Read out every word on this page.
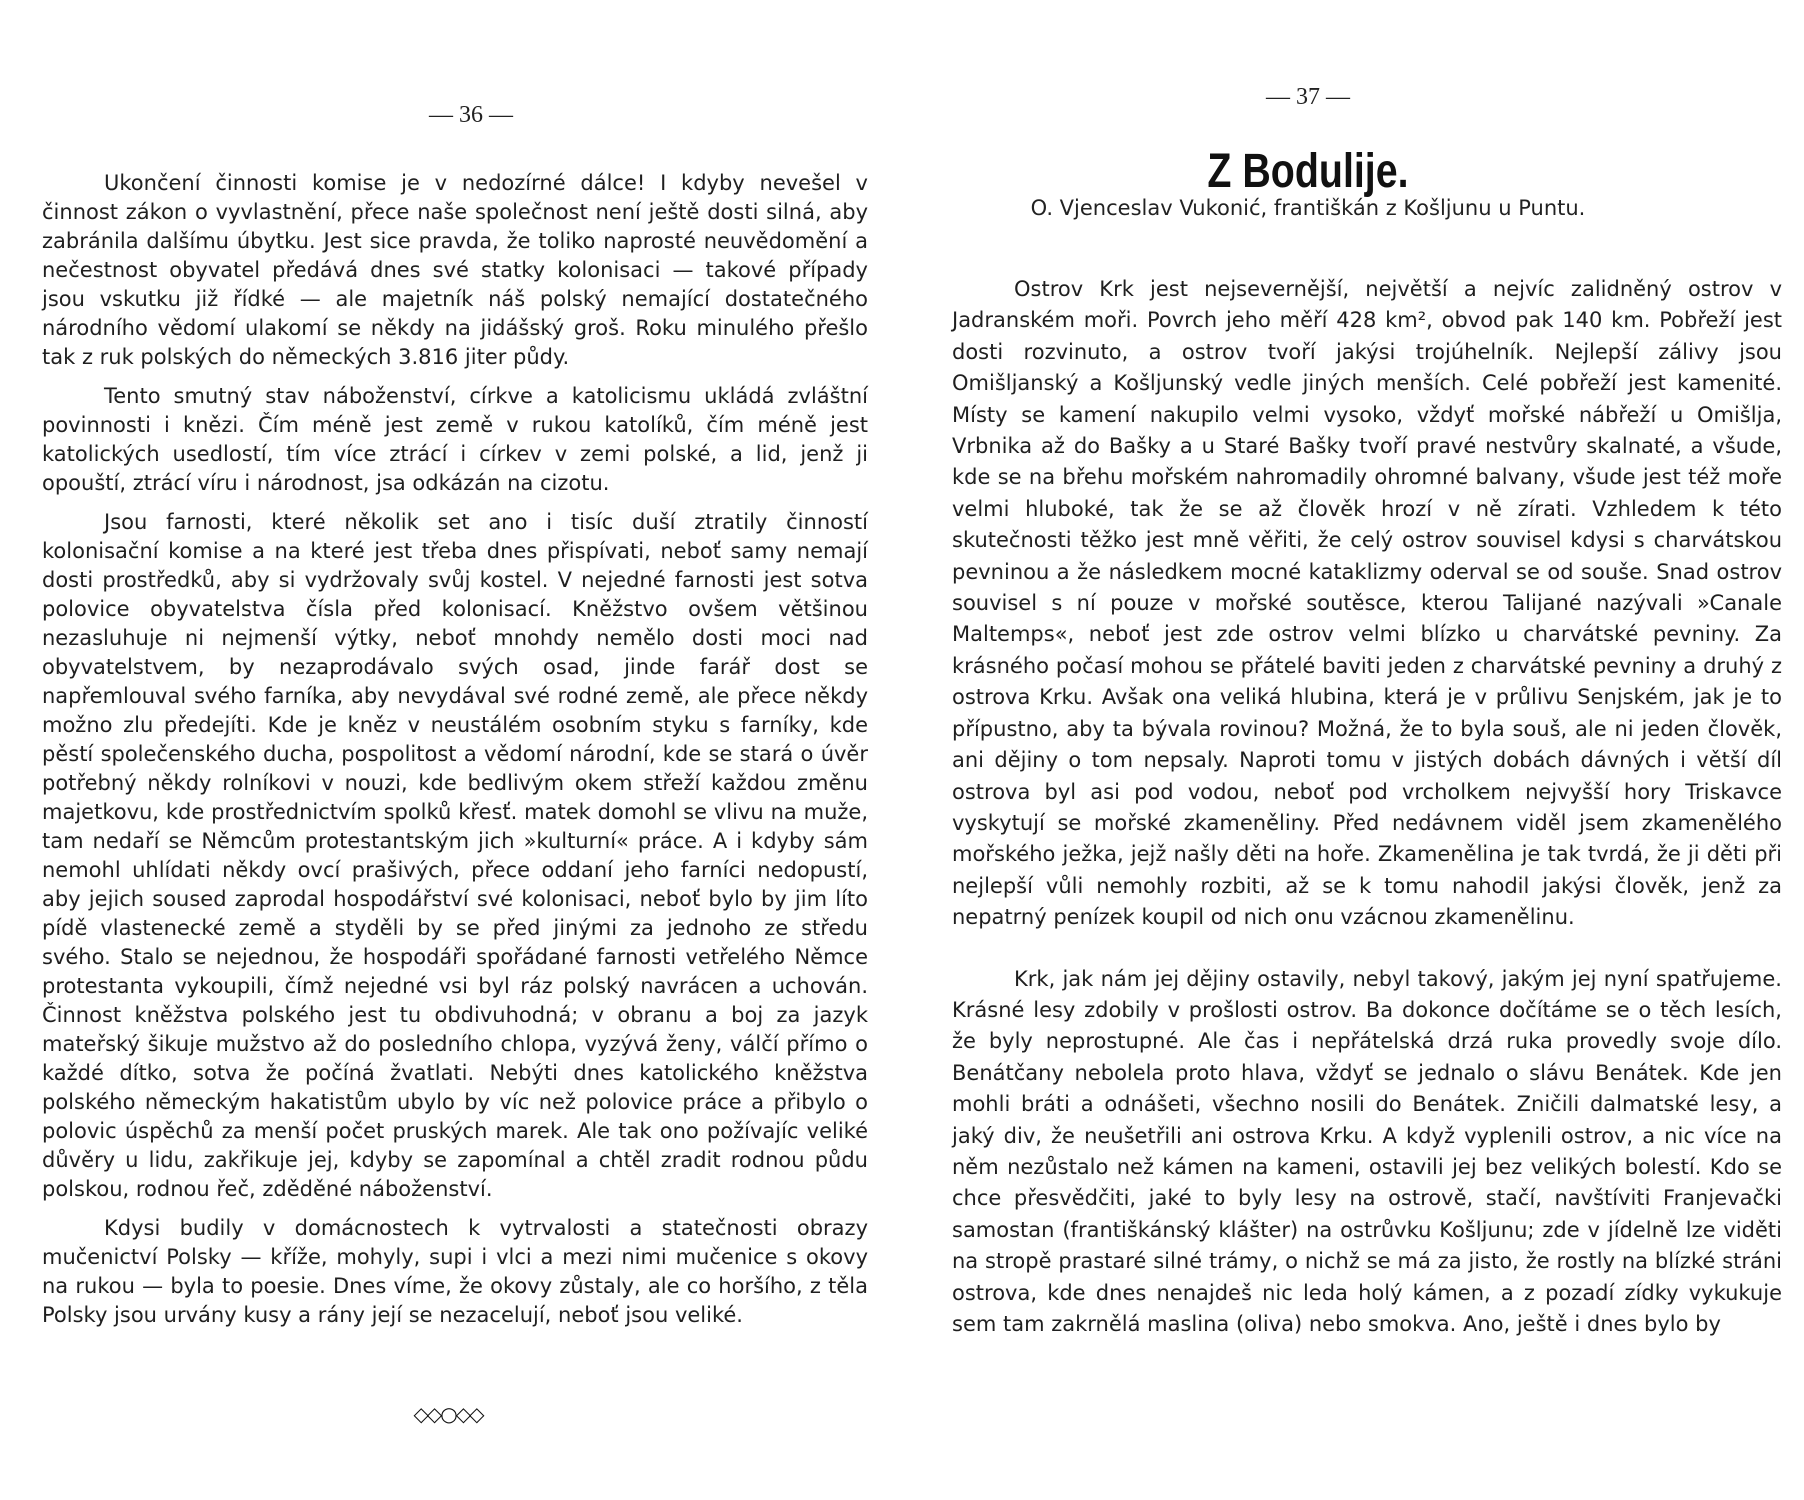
— 36 —

Ukončení činnosti komise je v nedozírné dálce! I kdyby nevešel v činnost zákon o vyvlastnění, přece naše společnost není ještě dosti silná, aby zabránila dalšímu úbytku. Jest sice pravda, že toliko naprosté neuvědomění a nečestnost obyvatel předává dnes své statky kolonisaci — takové případy jsou vskutku již řídké — ale majetník náš polský nemající dostatečného národního vědomí ulakomí se někdy na jidášský groš. Roku minulého přešlo tak z ruk polských do německých 3.816 jiter půdy.

Tento smutný stav náboženství, církve a katolicismu ukládá zvláštní povinnosti i knězi. Čím méně jest země v rukou katolíků, čím méně jest katolických usedlostí, tím více ztrácí i církev v zemi polské, a lid, jenž ji opouští, ztrácí víru i národnost, jsa odkázán na cizotu.

Jsou farnosti, které několik set ano i tisíc duší ztratily činností kolonisační komise a na které jest třeba dnes přispívati, neboť samy nemají dosti prostředků, aby si vydržovaly svůj kostel. V nejedné farnosti jest sotva polovice obyvatelstva čísla před kolonisací. Kněžstvo ovšem většinou nezasluhuje ni nejmenší výtky, neboť mnohdy nemělo dosti moci nad obyvatelstvem, by nezaprodávalo svých osad, jinde farář dost se napřemlouval svého farníka, aby nevydával své rodné země, ale přece někdy možno zlu předejíti. Kde je kněz v neustálém osobním styku s farníky, kde pěstí společenského ducha, pospolitost a vědomí národní, kde se stará o úvěr potřebný někdy rolníkovi v nouzi, kde bedlivým okem střeží každou změnu majetkovu, kde prostřednictvím spolků křesť. matek domohl se vlivu na muže, tam nedaří se Němcům protestantským jich »kulturní« práce. A i kdyby sám nemohl uhlídati někdy ovcí prašivých, přece oddaní jeho farníci nedopustí, aby jejich soused zaprodal hospodářství své kolonisaci, neboť bylo by jim líto pídě vlastenecké země a styděli by se před jinými za jednoho ze středu svého. Stalo se nejednou, že hospodáři spořádané farnosti vetřelého Němce protestanta vykoupili, čímž nejedné vsi byl ráz polský navrácen a uchován. Činnost kněžstva polského jest tu obdivuhodná; v obranu a boj za jazyk mateřský šikuje mužstvo až do posledního chlopa, vyzývá ženy, válčí přímo o každé dítko, sotva že počíná žvatlati. Nebýti dnes katolického kněžstva polského německým hakatistům ubylo by víc než polovice práce a přibylo o polovic úspěchů za menší počet pruských marek. Ale tak ono požívajíc veliké důvěry u lidu, zakřikuje jej, kdyby se zapomínal a chtěl zradit rodnou půdu polskou, rodnou řeč, zděděné náboženství.

Kdysi budily v domácnostech k vytrvalosti a statečnosti obrazy mučenictví Polsky — kříže, mohyly, supi i vlci a mezi nimi mučenice s okovy na rukou — byla to poesie. Dnes víme, že okovy zůstaly, ale co horšího, z těla Polsky jsou urvány kusy a rány její se nezacelují, neboť jsou veliké.

◇◇○◇◇
— 37 —
Z Bodulije.
O. Vjenceslav Vukonić, františkán z Košljunu u Puntu.

Ostrov Krk jest nejsevernější, největší a nejvíc zalidněný ostrov v Jadranském moři. Povrch jeho měří 428 km², obvod pak 140 km. Pobřeží jest dosti rozvinuto, a ostrov tvoří jakýsi trojúhelník. Nejlepší zálivy jsou Omišljanský a Košljunský vedle jiných menších. Celé pobřeží jest kamenité. Místy se kamení nakupilo velmi vysoko, vždyť mořské nábřeží u Omišlja, Vrbnika až do Bašky a u Staré Bašky tvoří pravé nestvůry skalnaté, a všude, kde se na břehu mořském nahromadily ohromné balvany, všude jest též moře velmi hluboké, tak že se až člověk hrozí v ně zírati. Vzhledem k této skutečnosti těžko jest mně věřiti, že celý ostrov souvisel kdysi s charvátskou pevninou a že následkem mocné kataklizmy oderval se od souše. Snad ostrov souvisel s ní pouze v mořské soutěsce, kterou Taliјané nazývali »Canale Maltemps«, neboť jest zde ostrov velmi blízko u charvátské pevniny. Za krásného počasí mohou se přátelé baviti jeden z charvátské pevniny a druhý z ostrova Krku. Avšak ona veliká hlubina, která je v průlivu Senjském, jak je to přípustno, aby ta bývala rovinou? Možná, že to byla souš, ale ni jeden člověk, ani dějiny o tom nepsaly. Naproti tomu v jistých dobách dávných i větší díl ostrova byl asi pod vodou, neboť pod vrcholkem nejvyšší hory Triskavce vyskytují se mořské zkameněliny. Před nedávnem viděl jsem zkamenělého mořského ježka, jejž našly děti na hoře. Zkamenělina je tak tvrdá, že ji děti při nejlepší vůli nemohly rozbiti, až se k tomu nahodil jakýsi člověk, jenž za nepatrný penízek koupil od nich onu vzácnou zkamenělinu.

Krk, jak nám jej dějiny ostavily, nebyl takový, jakým jej nyní spatřujeme. Krásné lesy zdobily v prošlosti ostrov. Ba dokonce dočítáme se o těch lesích, že byly neprostupné. Ale čas i nepřátelská drzá ruka provedly svoje dílo. Benátčany nebolela proto hlava, vždyť se jednalo o slávu Benátek. Kde jen mohli bráti a odnášeti, všechno nosili do Benátek. Zničili dalmatské lesy, a jaký div, že neušetřili ani ostrova Krku. A když vyplenili ostrov, a nic více na něm nezůstalo než kámen na kameni, ostavili jej bez velikých bolestí. Kdo se chce přesvědčiti, jaké to byly lesy na ostrově, stačí, navštíviti Franjevački samostan (františkánský klášter) na ostrůvku Košljunu; zde v jídelně lze viděti na stropě prastaré silné trámy, o nichž se má za jisto, že rostly na blízké stráni ostrova, kde dnes nenajdeš nic leda holý kámen, a z pozadí zídky vykukuje sem tam zakrnělá maslina (oliva) nebo smokva. Ano, ještě i dnes bylo by
